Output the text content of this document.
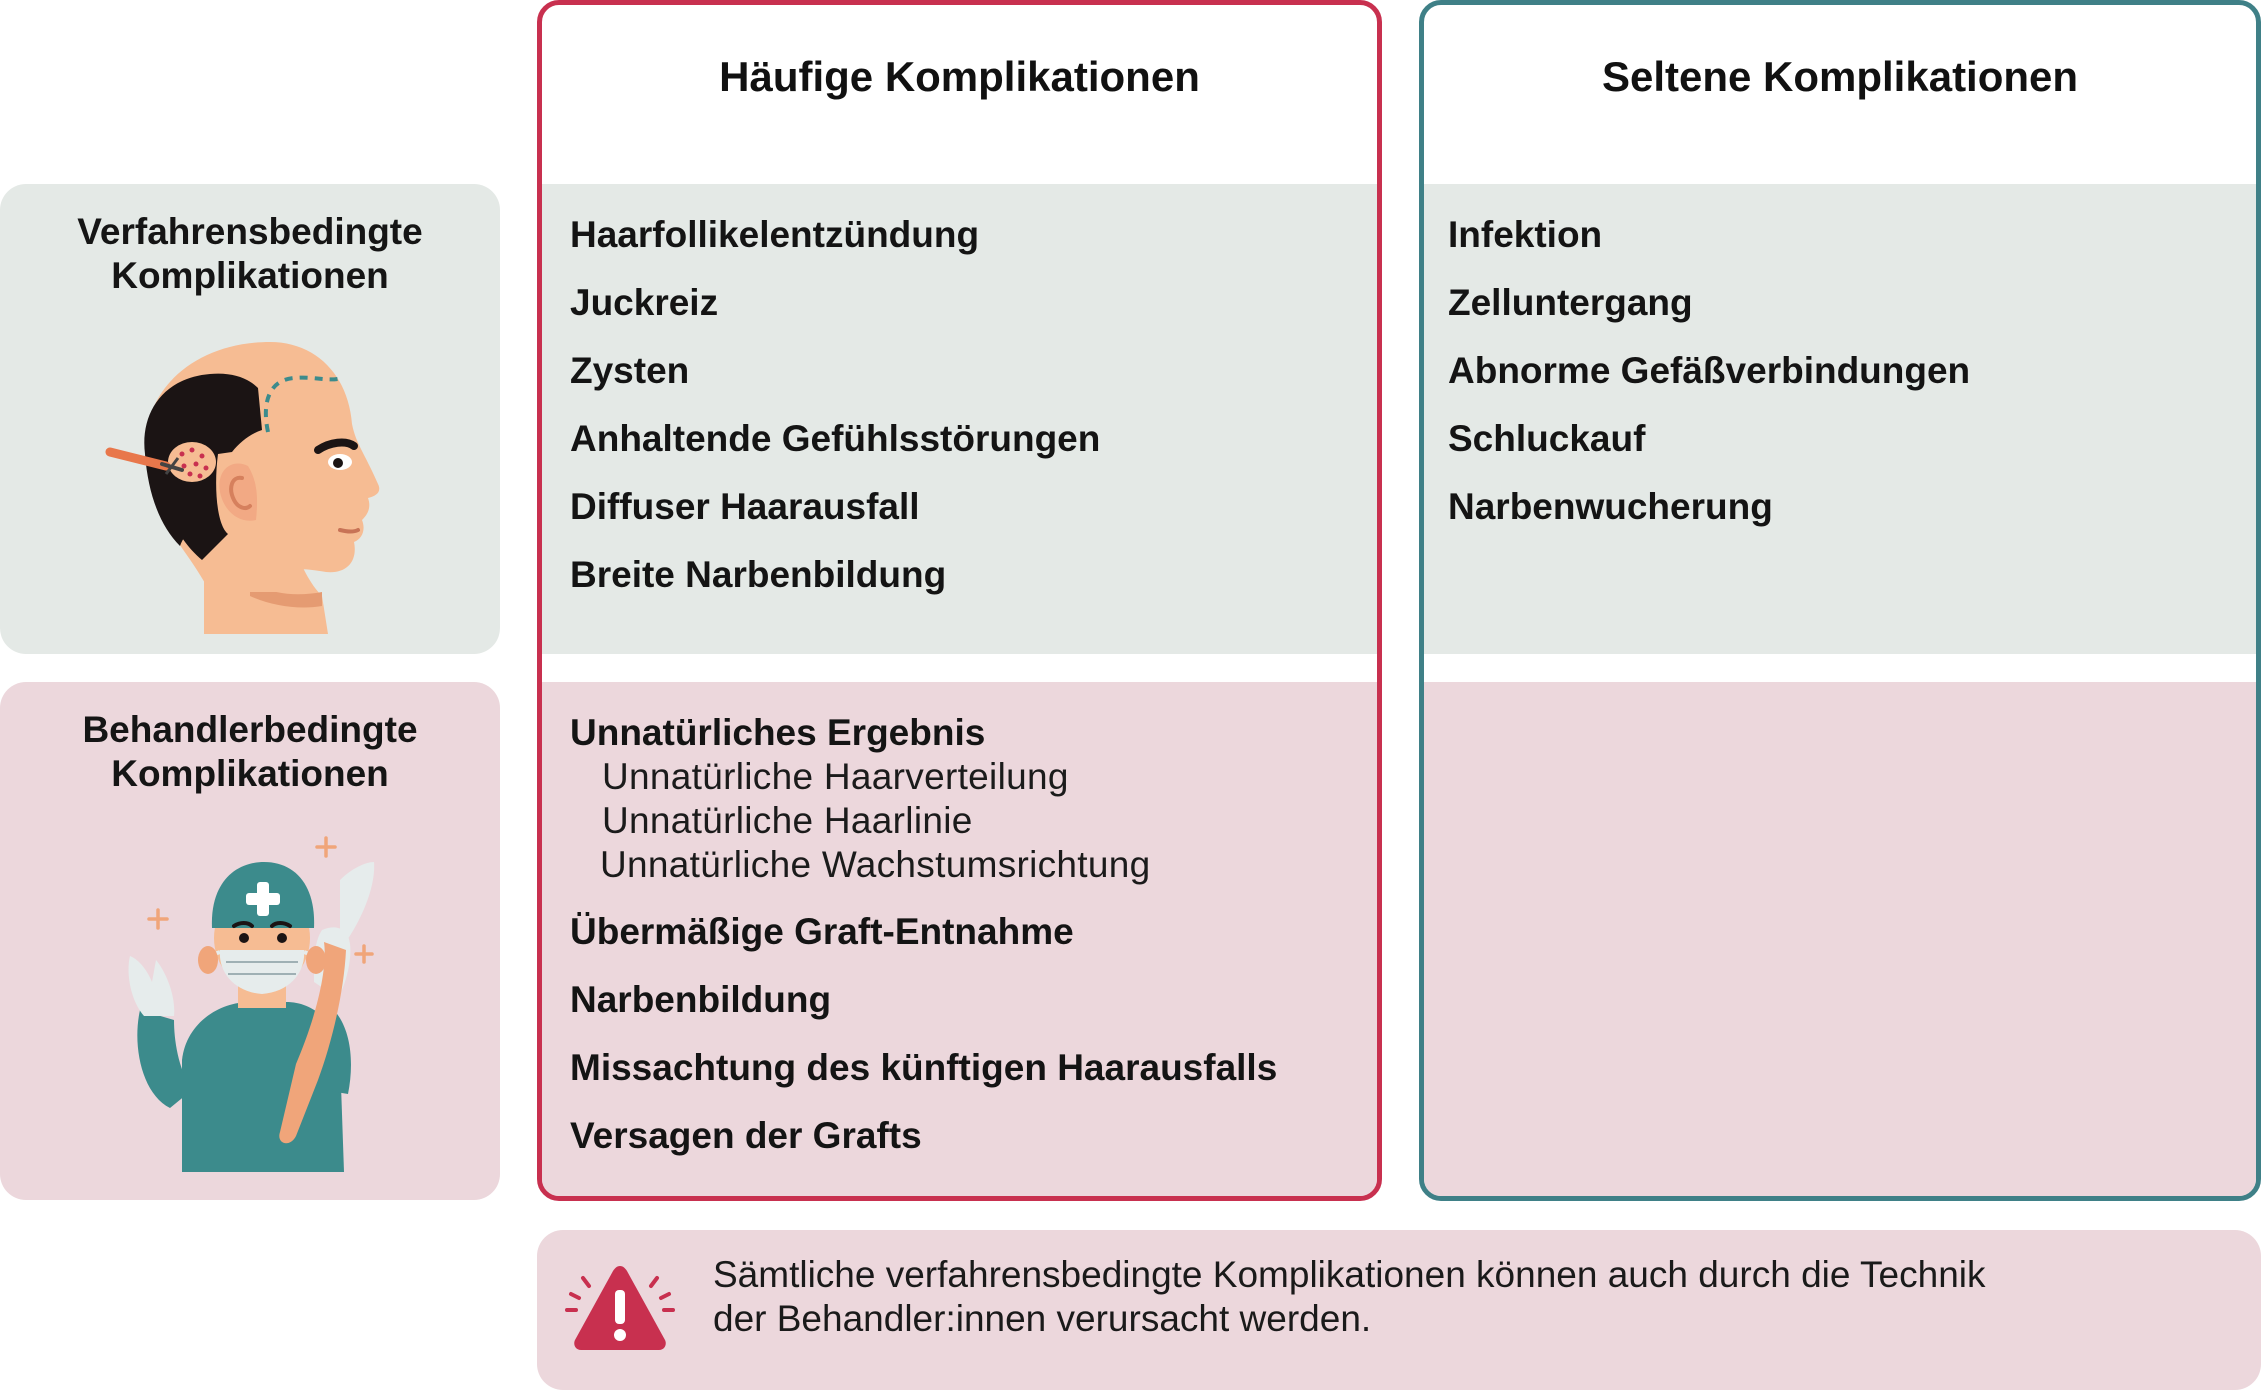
Verfahrensbedingte
Komplikationen
Behandlerbedingte
Komplikationen
Häufige Komplikationen
Haarfollikelentzündung
Juckreiz
Zysten
Anhaltende Gefühlsstörungen
Diffuser Haarausfall
Breite Narbenbildung
Unnatürliches Ergebnis
Unnatürliche Haarverteilung
Unnatürliche Haarlinie
Unnatürliche Wachstumsrichtung
Übermäßige Graft-Entnahme
Narbenbildung
Missachtung des künftigen Haarausfalls
Versagen der Grafts
Seltene Komplikationen
Infektion
Zelluntergang
Abnorme Gefäßverbindungen
Schluckauf
Narbenwucherung
Sämtliche verfahrensbedingte Komplikationen können auch durch die Technik
der Behandler:innen verursacht werden.
